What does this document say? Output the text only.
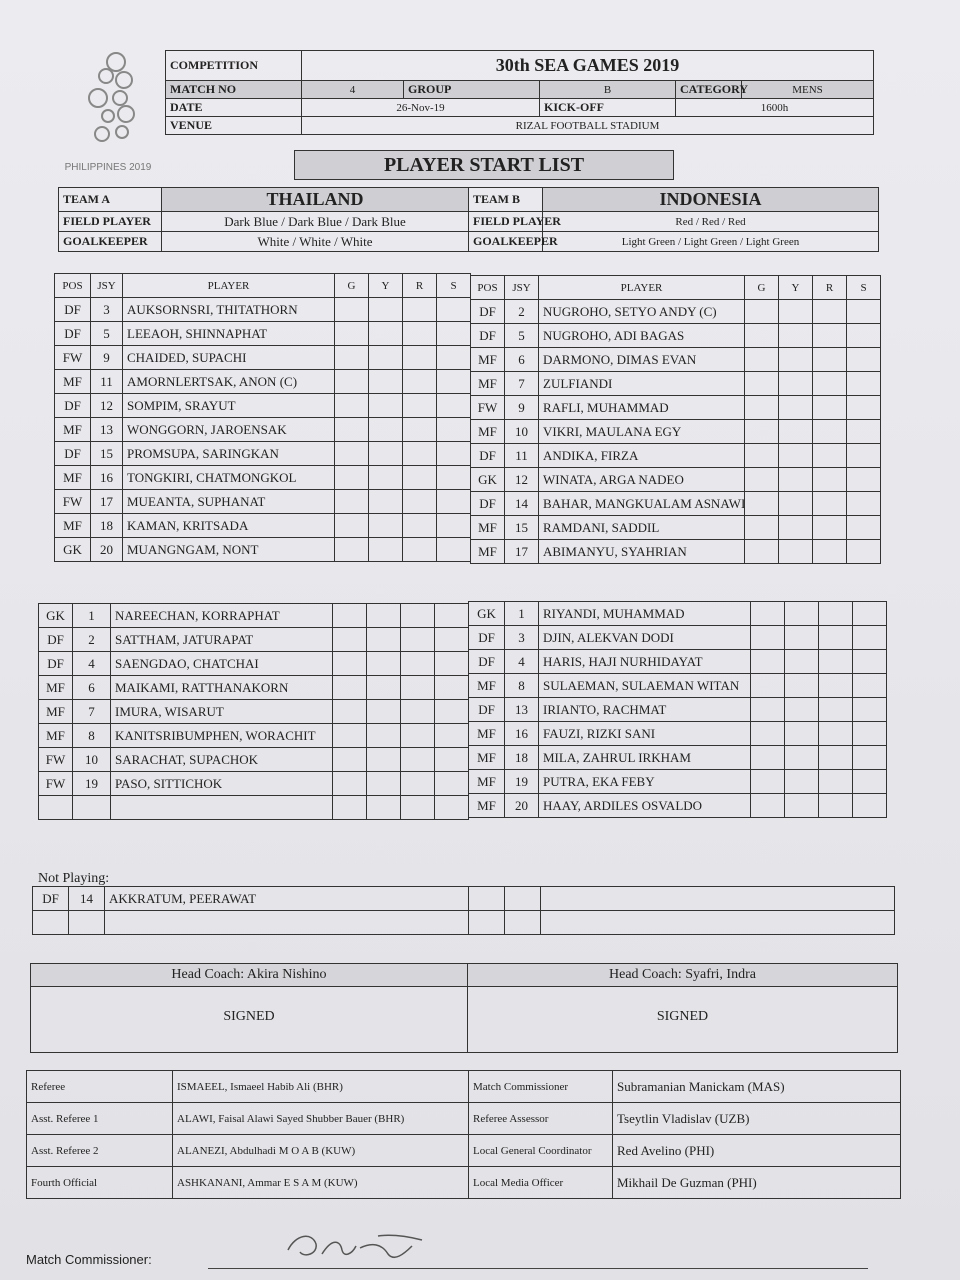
PHILIPPINES 2019
COMPETITION	30th SEA GAMES 2019				
MATCH NO	4	GROUP	B	CATEGORY	MENS
DATE	26-Nov-19		KICK-OFF	1600h	
VENUE	RIZAL FOOTBALL STADIUM				
PLAYER START LIST
TEAM A	THAILAND	TEAM B	INDONESIA
FIELD PLAYER	Dark Blue / Dark Blue / Dark Blue	FIELD PLAYER	Red / Red / Red
GOALKEEPER	White / White / White	GOALKEEPER	Light Green / Light Green / Light Green
POS	JSY	PLAYER	G	Y	R	S
DF	3	AUKSORNSRI, THITATHORN				
DF	5	LEEAOH, SHINNAPHAT				
FW	9	CHAIDED, SUPACHI				
MF	11	AMORNLERTSAK, ANON (C)				
DF	12	SOMPIM, SRAYUT				
MF	13	WONGGORN, JAROENSAK				
DF	15	PROMSUPA, SARINGKAN				
MF	16	TONGKIRI, CHATMONGKOL				
FW	17	MUEANTA, SUPHANAT				
MF	18	KAMAN, KRITSADA				
GK	20	MUANGNGAM, NONT				
POS	JSY	PLAYER	G	Y	R	S
DF	2	NUGROHO, SETYO ANDY (C)				
DF	5	NUGROHO, ADI BAGAS				
MF	6	DARMONO, DIMAS EVAN				
MF	7	ZULFIANDI				
FW	9	RAFLI, MUHAMMAD				
MF	10	VIKRI, MAULANA EGY				
DF	11	ANDIKA, FIRZA				
GK	12	WINATA, ARGA NADEO				
DF	14	BAHAR, MANGKUALAM ASNAWI				
MF	15	RAMDANI, SADDIL				
MF	17	ABIMANYU, SYAHRIAN				
GK	1	NAREECHAN, KORRAPHAT				
DF	2	SATTHAM, JATURAPAT				
DF	4	SAENGDAO, CHATCHAI				
MF	6	MAIKAMI, RATTHANAKORN				
MF	7	IMURA, WISARUT				
MF	8	KANITSRIBUMPHEN, WORACHIT				
FW	10	SARACHAT, SUPACHOK				
FW	19	PASO, SITTICHOK				

GK	1	RIYANDI, MUHAMMAD				
DF	3	DJIN, ALEKVAN DODI				
DF	4	HARIS, HAJI NURHIDAYAT				
MF	8	SULAEMAN, SULAEMAN WITAN				
DF	13	IRIANTO, RACHMAT				
MF	16	FAUZI, RIZKI SANI				
MF	18	MILA, ZAHRUL IRKHAM				
MF	19	PUTRA, EKA FEBY				
MF	20	HAAY, ARDILES OSVALDO				
Not Playing:
DF	14	AKKRATUM, PEERAWAT			

Head Coach: Akira Nishino
SIGNED
Head Coach: Syafri, Indra
SIGNED
Referee	ISMAEEL, Ismaeel Habib Ali (BHR)	Match Commissioner	Subramanian Manickam (MAS)
Asst. Referee 1	ALAWI, Faisal Alawi Sayed Shubber Bauer (BHR)	Referee Assessor	Tseytlin Vladislav (UZB)
Asst. Referee 2	ALANEZI, Abdulhadi M O A B (KUW)	Local General Coordinator	Red Avelino (PHI)
Fourth Official	ASHKANANI, Ammar E S A M (KUW)	Local Media Officer	Mikhail De Guzman (PHI)
Match Commissioner:
